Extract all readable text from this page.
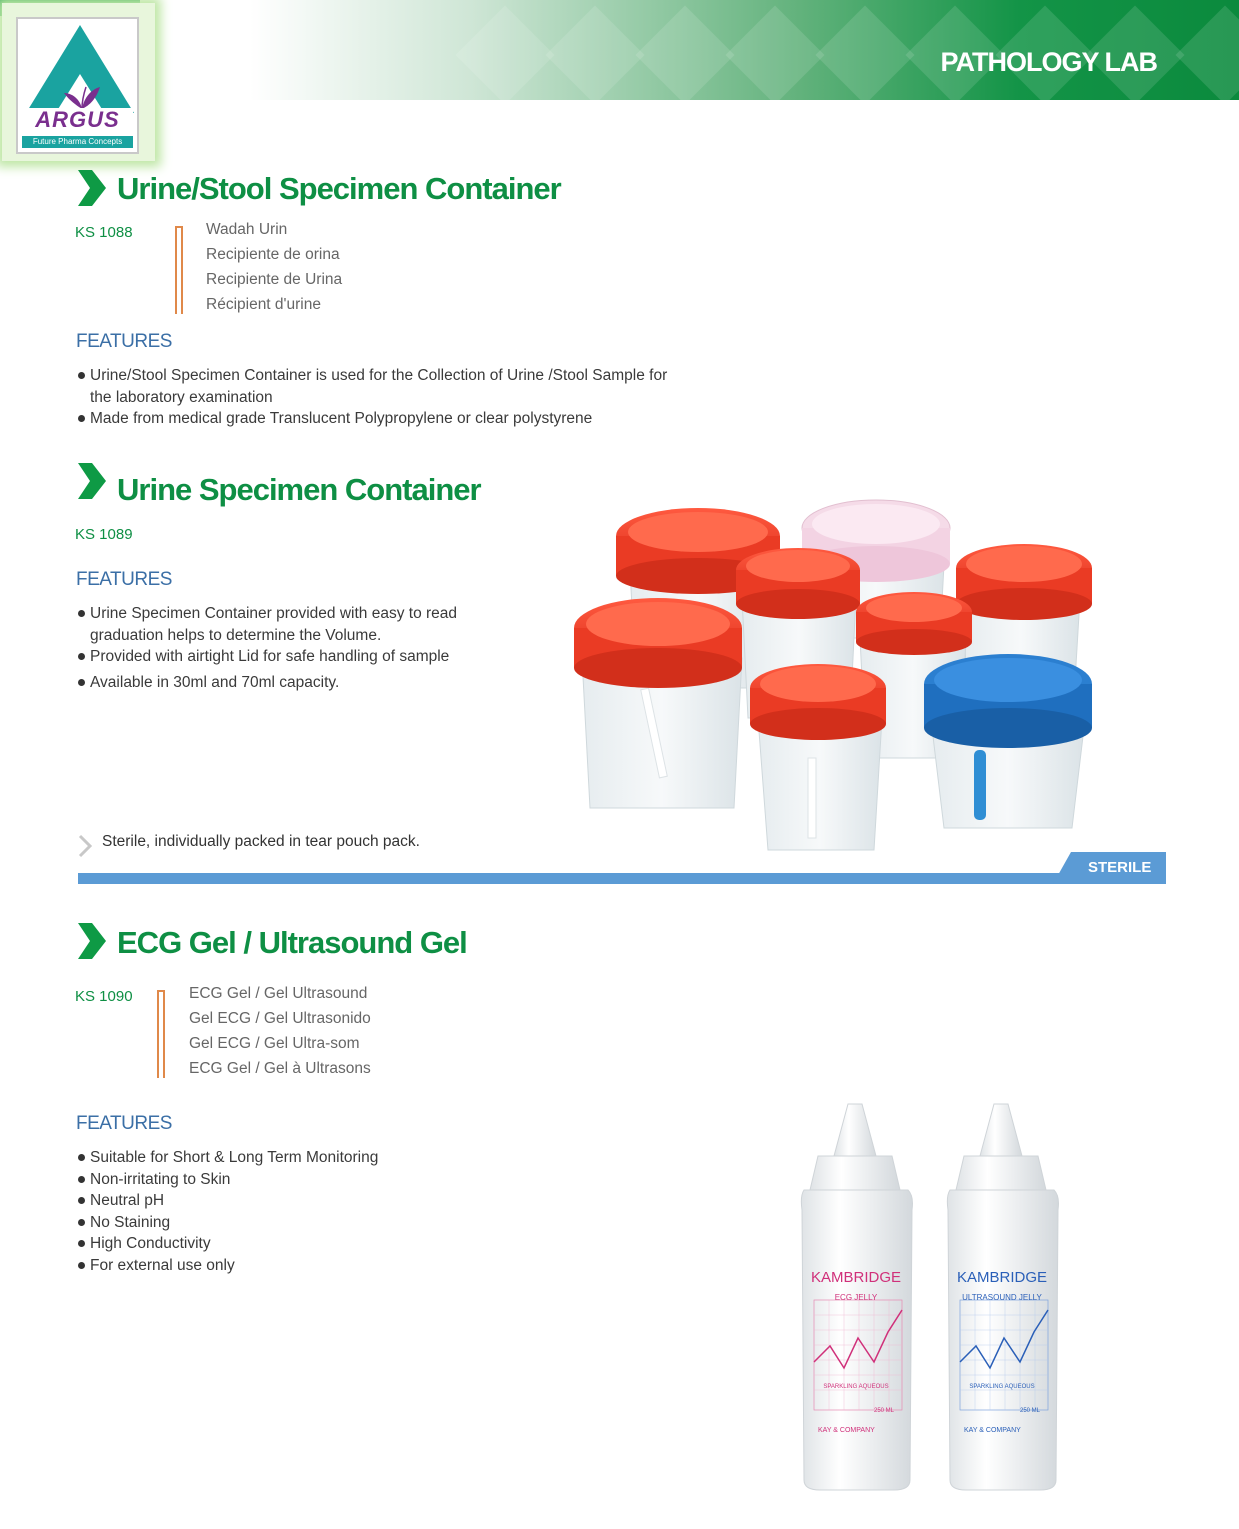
PATHOLOGY LAB
ARGUS
Future Pharma Concepts
Urine/Stool Specimen Container
KS 1088	Wadah Urin
Recipiente de orina
Recipiente de Urina
Récipient d'urine
FEATURES
Urine/Stool Specimen Container is used for the Collection of Urine /Stool Sample for
the laboratory examination
Made from medical grade Translucent Polypropylene or clear polystyrene
Urine Specimen Container
KS 1089
FEATURES
Urine Specimen Container provided with easy to read
graduation helps to determine the Volume.
Provided with airtight Lid for safe handling of sample
Available in 30ml and 70ml capacity.
Sterile, individually packed in tear pouch pack.
STERILE
ECG Gel / Ultrasound Gel
KS 1090	ECG Gel / Gel Ultrasound
Gel ECG / Gel Ultrasonido
Gel ECG / Gel Ultra-som
ECG Gel / Gel à Ultrasons
FEATURES
Suitable for Short & Long Term Monitoring
Non-irritating to Skin
Neutral pH
No Staining
High Conductivity
For external use only
KAMBRIDGE
ECG JELLY
SPARKLING AQUEOUS
250 ML
KAY & COMPANY
KAMBRIDGE
ULTRASOUND JELLY
SPARKLING AQUEOUS
250 ML
KAY & COMPANY
